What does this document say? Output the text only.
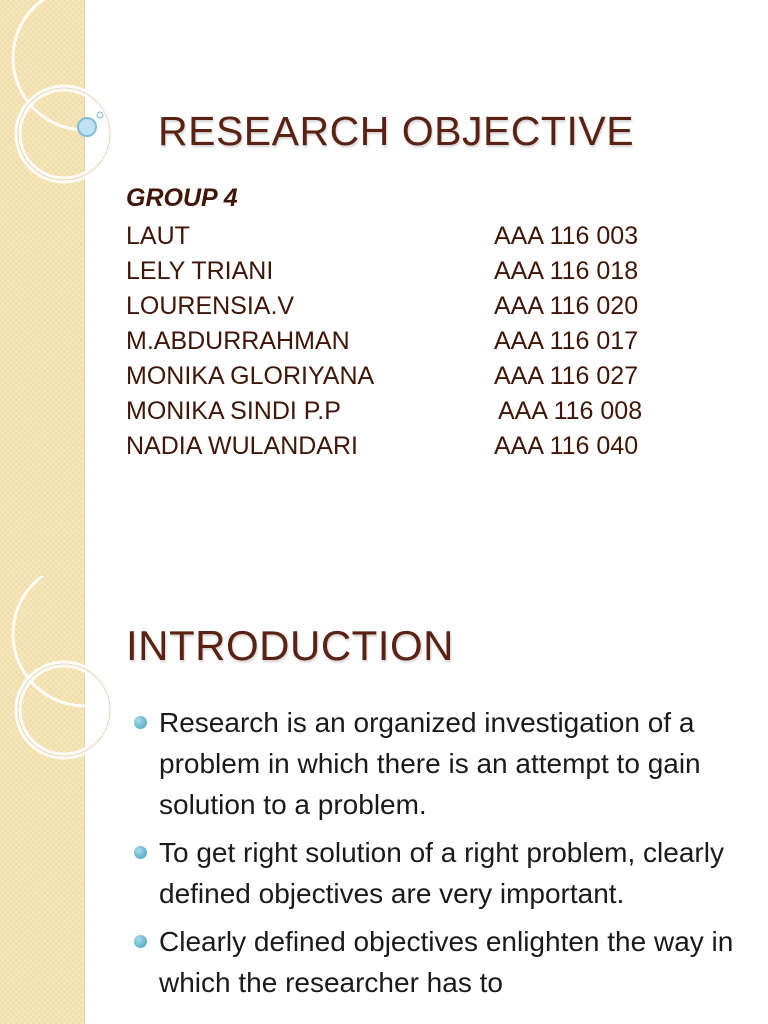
RESEARCH OBJECTIVE
GROUP 4
LAUT	AAA 116 003
LELY TRIANI	AAA 116 018
LOURENSIA.V	AAA 116 020
M.ABDURRAHMAN	AAA 116 017
MONIKA GLORIYANA	AAA 116 027
MONIKA SINDI P.P	AAA 116 008
NADIA WULANDARI	AAA 116 040
INTRODUCTION
Research is an organized investigation of a problem in which there is an attempt to gain solution to a problem.
To get right solution of a right problem, clearly defined objectives are very important.
Clearly defined objectives enlighten the way in which the researcher has to
